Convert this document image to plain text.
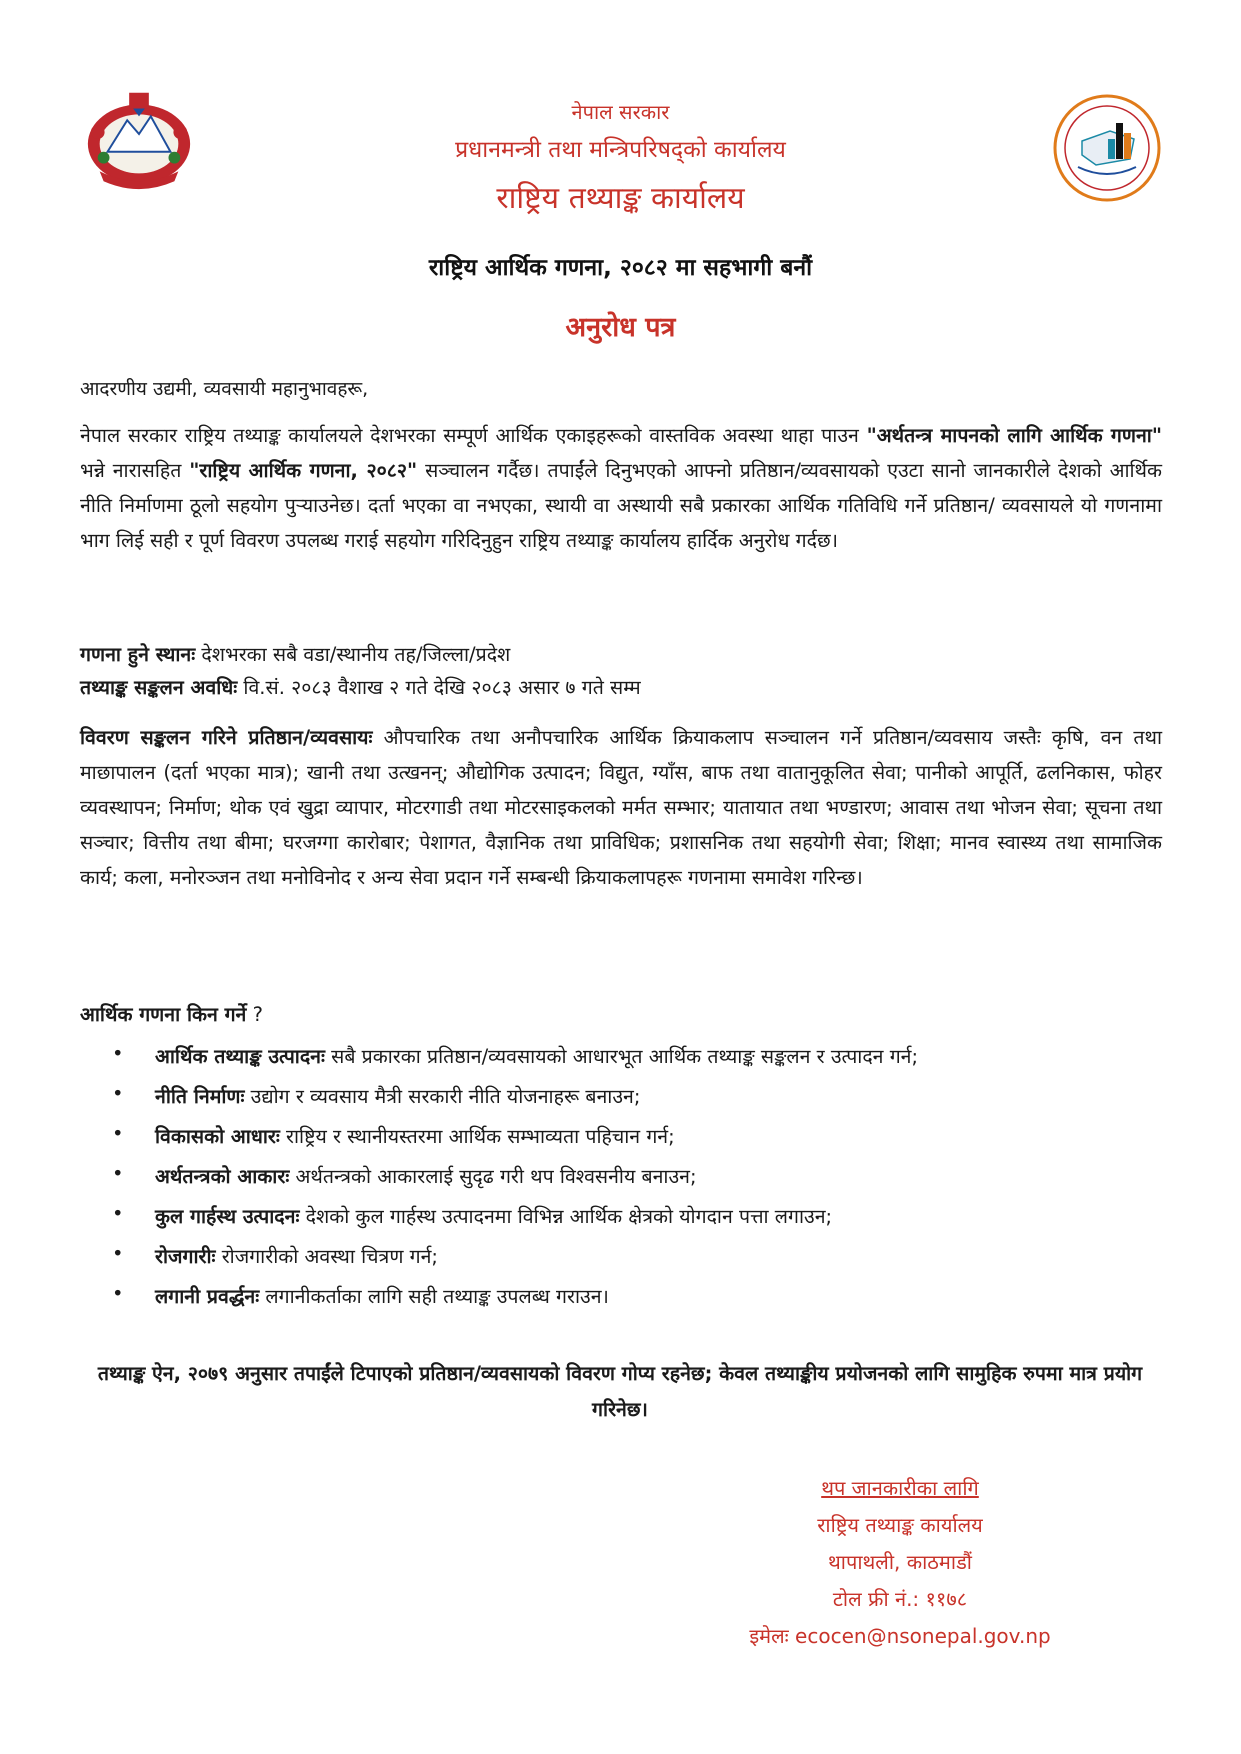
नेपाल सरकार
प्रधानमन्त्री तथा मन्त्रिपरिषद्को कार्यालय
राष्ट्रिय तथ्याङ्क कार्यालय
राष्ट्रिय आर्थिक गणना, २०८२ मा सहभागी बनौं
अनुरोध पत्र
आदरणीय उद्यमी, व्यवसायी महानुभावहरू,
नेपाल सरकार राष्ट्रिय तथ्याङ्क कार्यालयले देशभरका सम्पूर्ण आर्थिक एकाइहरूको वास्तविक अवस्था थाहा पाउन "अर्थतन्त्र मापनको लागि आर्थिक गणना" भन्ने नारासहित "राष्ट्रिय आर्थिक गणना, २०८२" सञ्चालन गर्दैछ। तपाईंले दिनुभएको आफ्नो प्रतिष्ठान/व्यवसायको एउटा सानो जानकारीले देशको आर्थिक नीति निर्माणमा ठूलो सहयोग पुऱ्याउनेछ। दर्ता भएका वा नभएका, स्थायी वा अस्थायी सबै प्रकारका आर्थिक गतिविधि गर्ने प्रतिष्ठान/ व्यवसायले यो गणनामा भाग लिई सही र पूर्ण विवरण उपलब्ध गराई सहयोग गरिदिनुहुन राष्ट्रिय तथ्याङ्क कार्यालय हार्दिक अनुरोध गर्दछ।
गणना हुने स्थानः देशभरका सबै वडा/स्थानीय तह/जिल्ला/प्रदेश
तथ्याङ्क सङ्कलन अवधिः वि.सं. २०८३ वैशाख २ गते देखि २०८३ असार ७ गते सम्म
विवरण सङ्कलन गरिने प्रतिष्ठान/व्यवसायः औपचारिक तथा अनौपचारिक आर्थिक क्रियाकलाप सञ्चालन गर्ने प्रतिष्ठान/व्यवसाय जस्तैः कृषि, वन तथा माछापालन (दर्ता भएका मात्र); खानी तथा उत्खनन्; औद्योगिक उत्पादन; विद्युत, ग्याँस, बाफ तथा वातानुकूलित सेवा; पानीको आपूर्ति, ढलनिकास, फोहर व्यवस्थापन; निर्माण; थोक एवं खुद्रा व्यापार, मोटरगाडी तथा मोटरसाइकलको मर्मत सम्भार; यातायात तथा भण्डारण; आवास तथा भोजन सेवा; सूचना तथा सञ्चार; वित्तीय तथा बीमा; घरजग्गा कारोबार; पेशागत, वैज्ञानिक तथा प्राविधिक; प्रशासनिक तथा सहयोगी सेवा; शिक्षा; मानव स्वास्थ्य तथा सामाजिक कार्य; कला, मनोरञ्जन तथा मनोविनोद र अन्य सेवा प्रदान गर्ने सम्बन्धी क्रियाकलापहरू गणनामा समावेश गरिन्छ।
आर्थिक गणना किन गर्ने ?
• आर्थिक तथ्याङ्क उत्पादनः सबै प्रकारका प्रतिष्ठान/व्यवसायको आधारभूत आर्थिक तथ्याङ्क सङ्कलन र उत्पादन गर्न;
• नीति निर्माणः उद्योग र व्यवसाय मैत्री सरकारी नीति योजनाहरू बनाउन;
• विकासको आधारः राष्ट्रिय र स्थानीयस्तरमा आर्थिक सम्भाव्यता पहिचान गर्न;
• अर्थतन्त्रको आकारः अर्थतन्त्रको आकारलाई सुदृढ गरी थप विश्वसनीय बनाउन;
• कुल गार्हस्थ उत्पादनः देशको कुल गार्हस्थ उत्पादनमा विभिन्न आर्थिक क्षेत्रको योगदान पत्ता लगाउन;
• रोजगारीः रोजगारीको अवस्था चित्रण गर्न;
• लगानी प्रवर्द्धनः लगानीकर्ताका लागि सही तथ्याङ्क उपलब्ध गराउन।
तथ्याङ्क ऐन, २०७९ अनुसार तपाईंले टिपाएको प्रतिष्ठान/व्यवसायको विवरण गोप्य रहनेछ; केवल तथ्याङ्कीय प्रयोजनको लागि सामुहिक रुपमा मात्र प्रयोग गरिनेछ।
थप जानकारीका लागि
राष्ट्रिय तथ्याङ्क कार्यालय
थापाथली, काठमाडौं
टोल फ्री नं.: ११७८
इमेलः ecocen@nsonepal.gov.np
